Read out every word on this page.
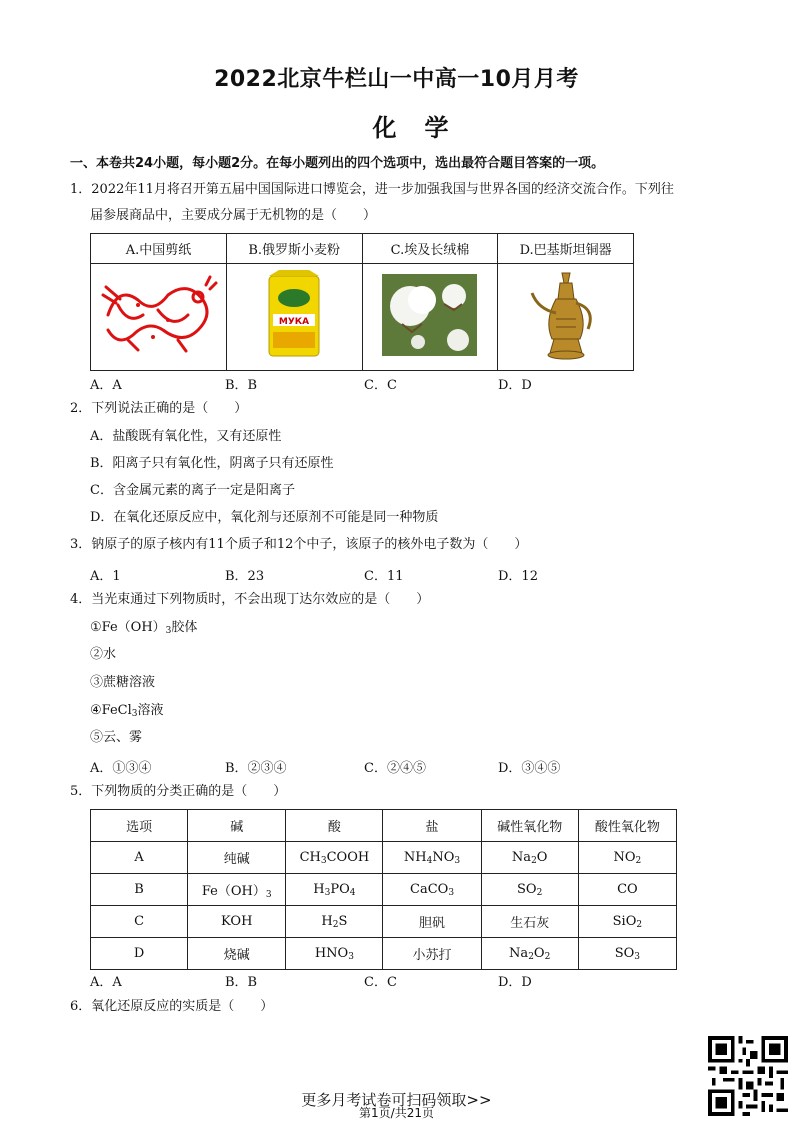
2022北京牛栏山一中高一10月月考
化学
一、本卷共24小题，每小题2分。在每小题列出的四个选项中，选出最符合题目答案的一项。
1．2022年11月将召开第五届中国国际进口博览会，进一步加强我国与世界各国的经济交流合作。下列往
届参展商品中，主要成分属于无机物的是（　　）
A.中国剪纸	B.俄罗斯小麦粉	C.埃及长绒棉	D.巴基斯坦铜器

МУКА

A．A	B．B	C．C	D．D
2．下列说法正确的是（　　）
A．盐酸既有氧化性，又有还原性
B．阳离子只有氧化性，阴离子只有还原性
C．含金属元素的离子一定是阳离子
D．在氧化还原反应中，氧化剂与还原剂不可能是同一种物质
3．钠原子的原子核内有11个质子和12个中子，该原子的核外电子数为（　　）
A．1	B．23	C．11	D．12
4．当光束通过下列物质时，不会出现丁达尔效应的是（　　）
$①Fe(OH)_3$胶体
②水
③蔗糖溶液
④FeCl$_3$溶液
⑤云、雾
A．①③④	B．②③④	C．②④⑤	D．③④⑤
5．下列物质的分类正确的是（　　）
选项	碱	酸	盐	碱性氧化物	酸性氧化物
A	纯碱	$CH_3COOH$	$NH_4NO_3$	$Na_2O$	$NO_2$
B	$Fe(OH)_3$	$H_3PO_4$	CaCO$_3$	$SO_2$	CO
C	KOH	$H_2S$	胆矾	生石灰	SiO$_2$
D	烧碱	$HNO_3$	小苏打	$Na_2O_2$	$SO_3$
A．A	B．B	C．C	D．D
6．氧化还原反应的实质是（　　）
更多月考试卷可扫码领取>>
第1页/共21页
